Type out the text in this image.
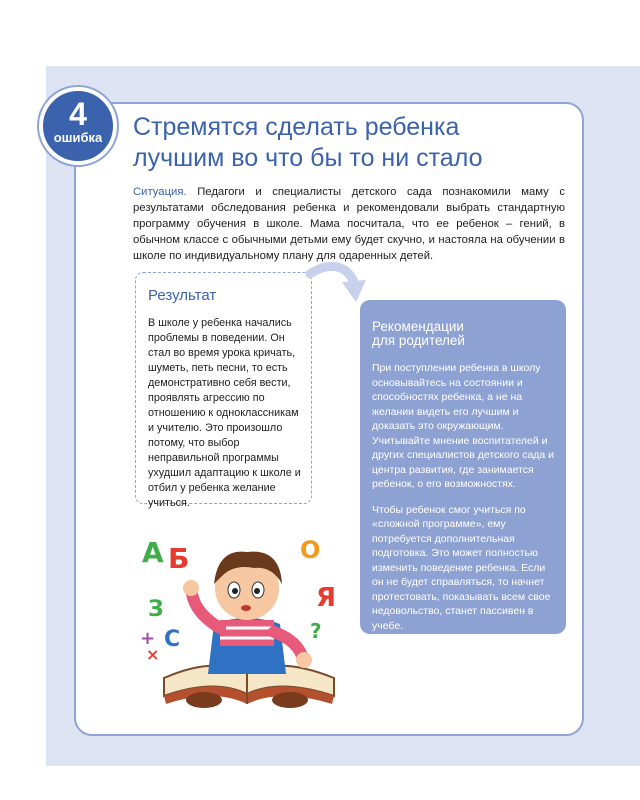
4
ошибка	Стремятся сделать ребенка
лучшим во что бы то ни стало

Ситуация. Педагоги и специалисты детского сада познакомили маму с результатами обследования ребенка и рекомендовали выбрать стандартную программу обучения в школе. Мама посчитала, что ее ребенок – гений, в обычном классе с обычными детьми ему будет скучно, и настояла на обучении в школе по индивидуальному плану для одаренных детей.

Результат

В школе у ребенка начались проблемы в поведении. Он стал во время урока кричать, шуметь, петь песни, то есть демонстративно себя вести, проявлять агрессию по отношению к одноклассникам и учителю. Это произошло потому, что выбор неправильной программы ухудшил адаптацию к школе и отбил у ребенка желание учиться.

Рекомендации
для родителей

При поступлении ребенка в школу основывайтесь на состоянии и способностях ребенка, а не на желании видеть его лучшим и доказать это окружающим. Учитывайте мнение воспитателей и других специалистов детского сада и центра развития, где занимается ребенок, о его возможностях.

Чтобы ребенок смог учиться по «сложной программе», ему потребуется дополнительная подготовка. Это может полностью изменить поведение ребенка. Если он не будет справляться, то начнет протестовать, показывать всем свое недовольство, станет пассивен в учебе.

А Б	О
Я
З
С	?
+
×
